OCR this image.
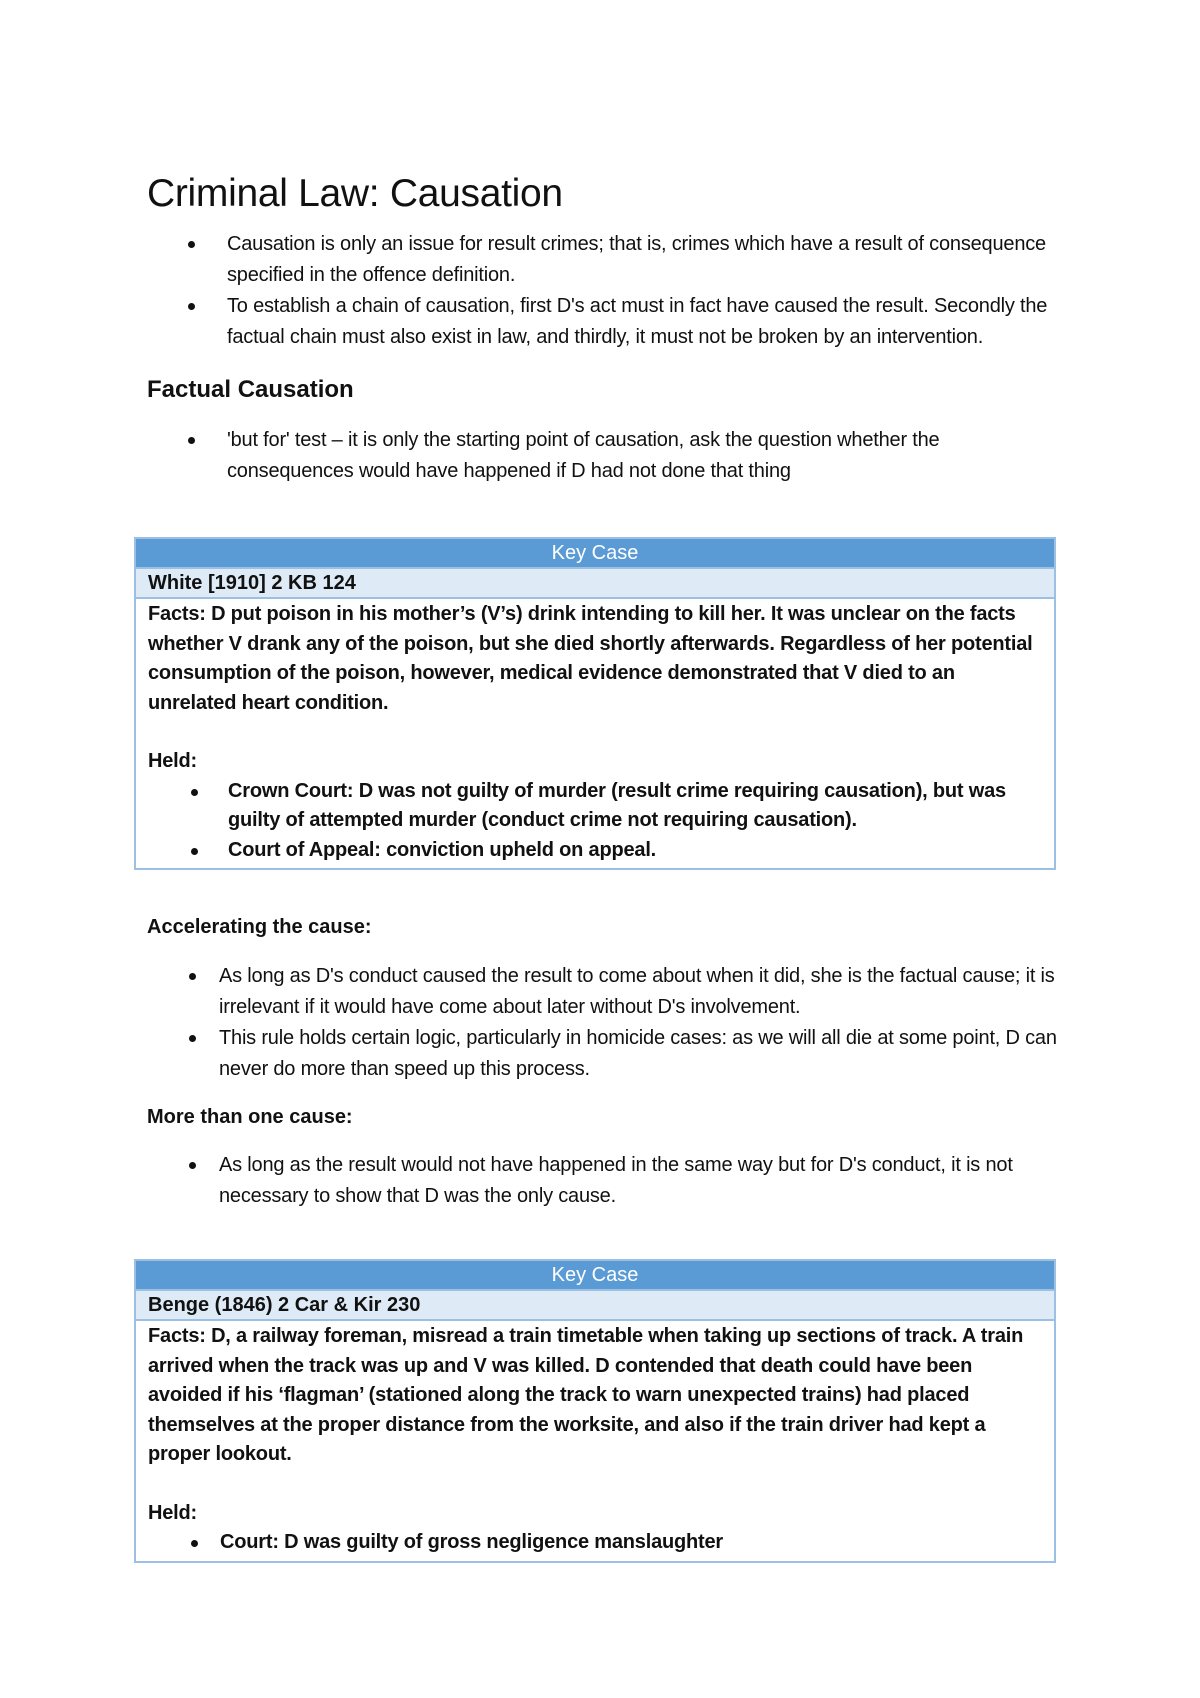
Criminal Law: Causation
Causation is only an issue for result crimes; that is, crimes which have a result of consequence specified in the offence definition.
To establish a chain of causation, first D's act must in fact have caused the result. Secondly the factual chain must also exist in law, and thirdly, it must not be broken by an intervention.
Factual Causation
'but for' test – it is only the starting point of causation, ask the question whether the consequences would have happened if D had not done that thing
Key Case
White [1910] 2 KB 124

Facts: D put poison in his mother’s (V’s) drink intending to kill her. It was unclear on the facts whether V drank any of the poison, but she died shortly afterwards. Regardless of her potential consumption of the poison, however, medical evidence demonstrated that V died to an unrelated heart condition.

Held:

Crown Court: D was not guilty of murder (result crime requiring causation), but was guilty of attempted murder (conduct crime not requiring causation).
Court of Appeal: conviction upheld on appeal.
Accelerating the cause:
As long as D's conduct caused the result to come about when it did, she is the factual cause; it is irrelevant if it would have come about later without D's involvement.
This rule holds certain logic, particularly in homicide cases: as we will all die at some point, D can never do more than speed up this process.
More than one cause:
As long as the result would not have happened in the same way but for D's conduct, it is not necessary to show that D was the only cause.
Key Case
Benge (1846) 2 Car & Kir 230

Facts: D, a railway foreman, misread a train timetable when taking up sections of track. A train arrived when the track was up and V was killed. D contended that death could have been avoided if his ‘flagman’ (stationed along the track to warn unexpected trains) had placed themselves at the proper distance from the worksite, and also if the train driver had kept a proper lookout.

Held:

Court: D was guilty of gross negligence manslaughter
